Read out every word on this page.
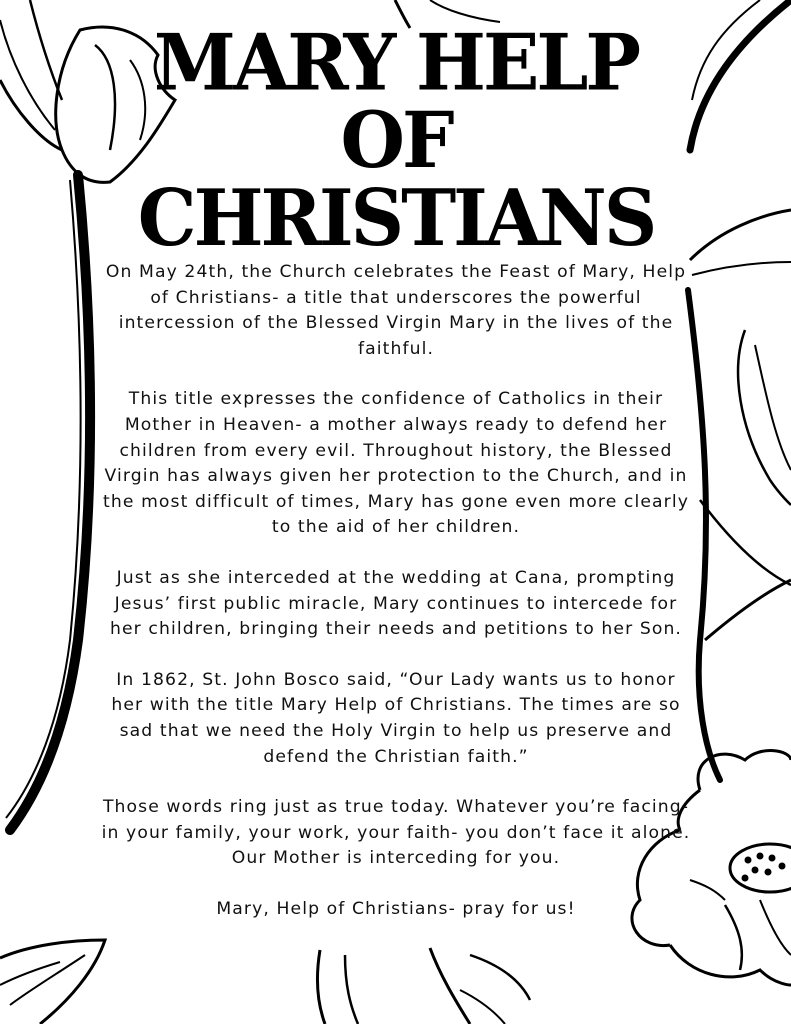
MARY HELP
OF
CHRISTIANS

On May 24th, the Church celebrates the Feast of Mary, Help of Christians- a title that underscores the powerful intercession of the Blessed Virgin Mary in the lives of the faithful.

This title expresses the confidence of Catholics in their Mother in Heaven- a mother always ready to defend her children from every evil. Throughout history, the Blessed Virgin has always given her protection to the Church, and in the most difficult of times, Mary has gone even more clearly to the aid of her children.

Just as she interceded at the wedding at Cana, prompting Jesus’ first public miracle, Mary continues to intercede for her children, bringing their needs and petitions to her Son.

In 1862, St. John Bosco said, “Our Lady wants us to honor her with the title Mary Help of Christians. The times are so sad that we need the Holy Virgin to help us preserve and defend the Christian faith.”

Those words ring just as true today. Whatever you’re facing- in your family, your work, your faith- you don’t face it alone. Our Mother is interceding for you.

Mary, Help of Christians- pray for us!
